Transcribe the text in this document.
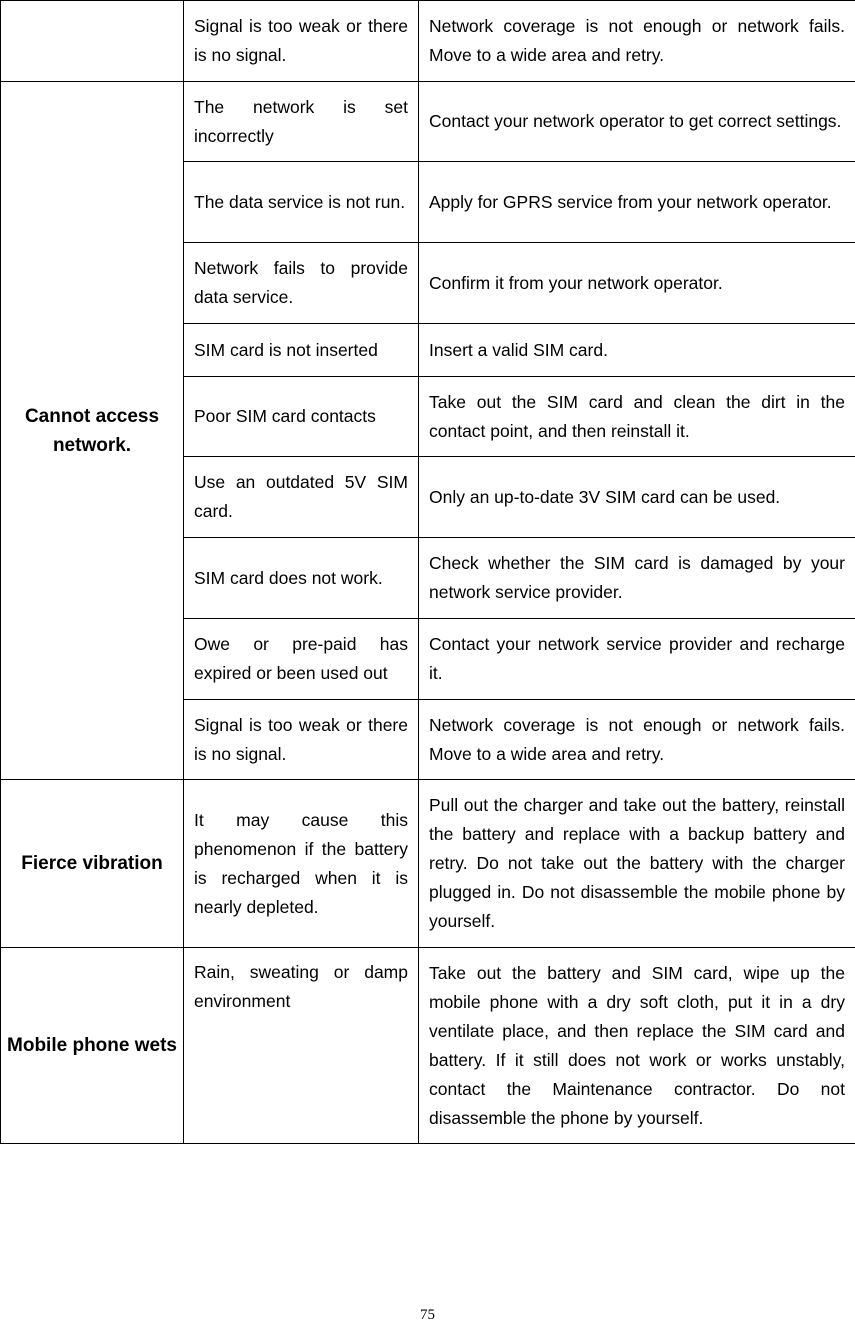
	Signal is too weak or there is no signal.	Network coverage is not enough or network fails. Move to a wide area and retry.
Cannot access network.	The network is set incorrectly	Contact your network operator to get correct settings.
	The data service is not run.	Apply for GPRS service from your network operator.
	Network fails to provide data service.	Confirm it from your network operator.
	SIM card is not inserted	Insert a valid SIM card.
	Poor SIM card contacts	Take out the SIM card and clean the dirt in the contact point, and then reinstall it.
	Use an outdated 5V SIM card.	Only an up-to-date 3V SIM card can be used.
	SIM card does not work.	Check whether the SIM card is damaged by your network service provider.
	Owe or pre-paid has expired or been used out	Contact your network service provider and recharge it.
	Signal is too weak or there is no signal.	Network coverage is not enough or network fails. Move to a wide area and retry.
Fierce vibration	It may cause this phenomenon if the battery is recharged when it is nearly depleted.	Pull out the charger and take out the battery, reinstall the battery and replace with a backup battery and retry. Do not take out the battery with the charger plugged in. Do not disassemble the mobile phone by yourself.
Mobile phone wets	Rain, sweating or damp environment	Take out the battery and SIM card, wipe up the mobile phone with a dry soft cloth, put it in a dry ventilate place, and then replace the SIM card and battery. If it still does not work or works unstably, contact the Maintenance contractor. Do not disassemble the phone by yourself.
75
